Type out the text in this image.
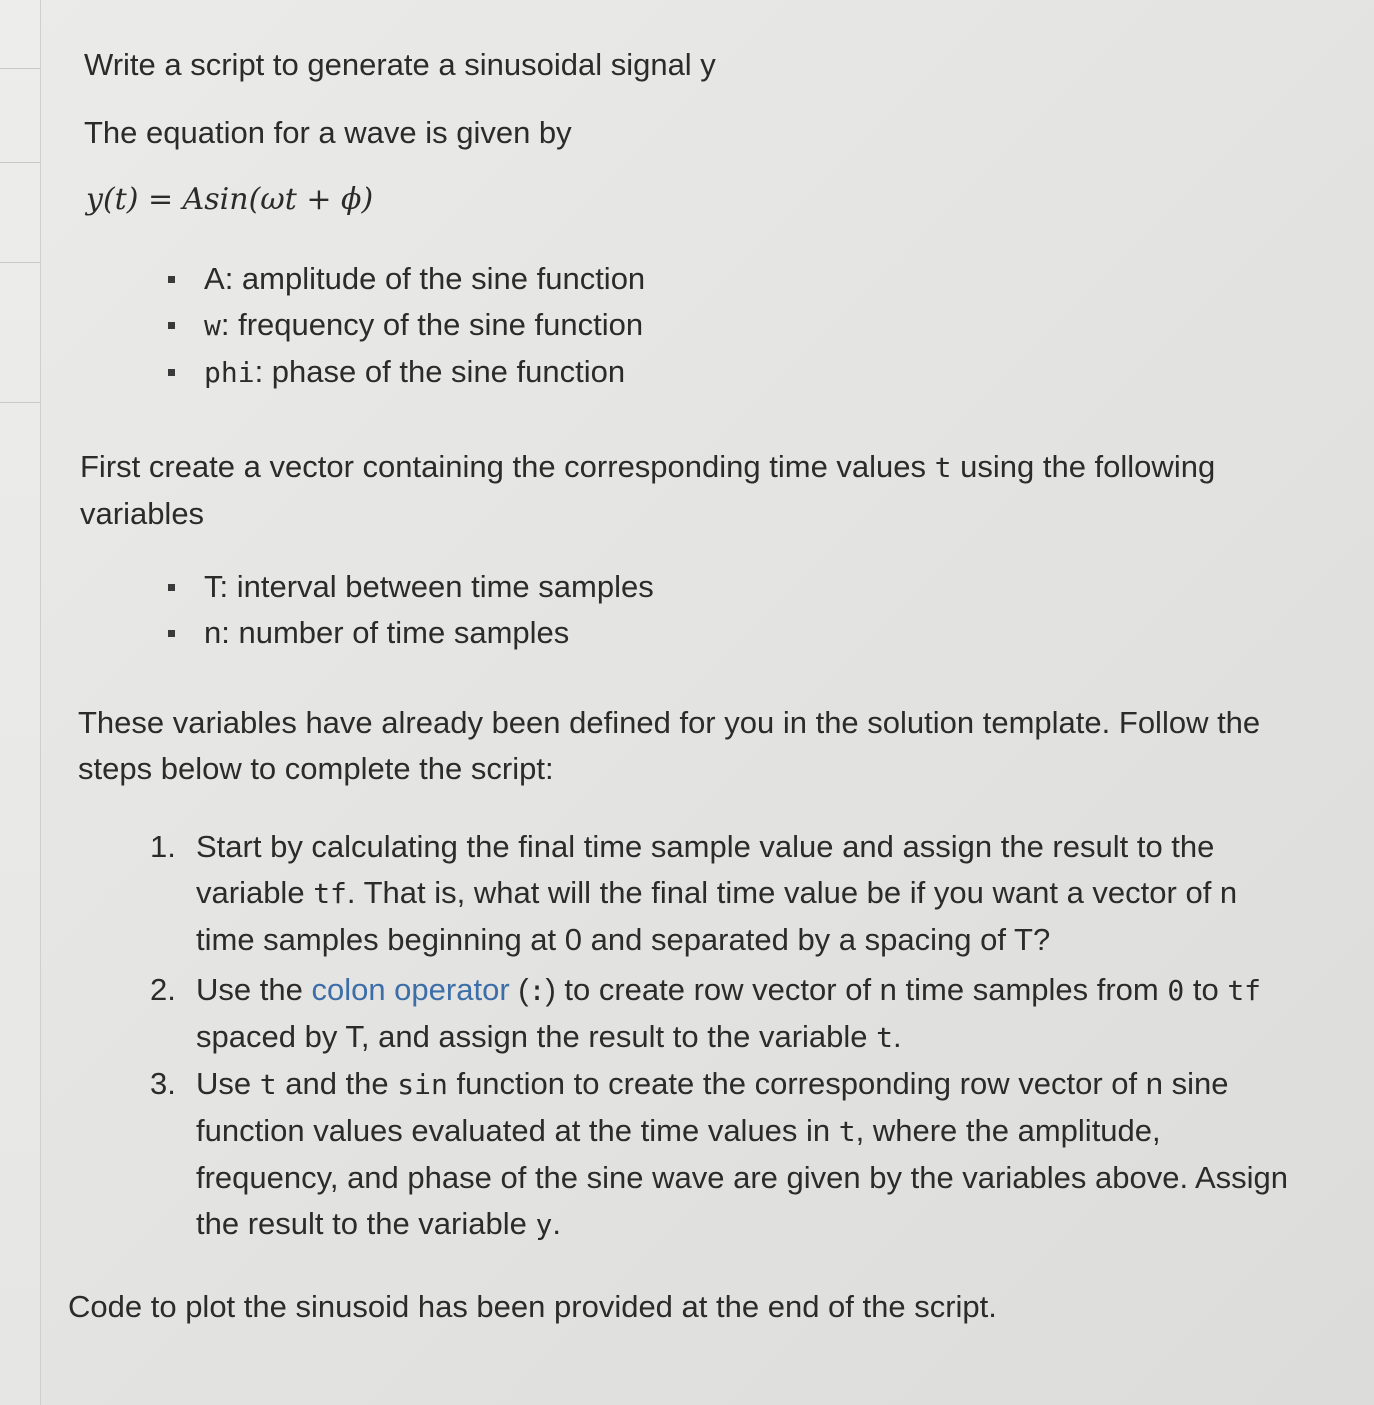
Write a script to generate a sinusoidal signal y

The equation for a wave is given by

y(t) = Asin(ωt + ϕ)

A: amplitude of the sine function
w: frequency of the sine function
phi: phase of the sine function

First create a vector containing the corresponding time values t using the following variables

T: interval between time samples
n: number of time samples

These variables have already been defined for you in the solution template. Follow the steps below to complete the script:

1. Start by calculating the final time sample value and assign the result to the variable tf. That is, what will the final time value be if you want a vector of n time samples beginning at 0 and separated by a spacing of T?
2. Use the colon operator (:) to create row vector of n time samples from 0 to tf spaced by T, and assign the result to the variable t.
3. Use t and the sin function to create the corresponding row vector of n sine function values evaluated at the time values in t, where the amplitude, frequency, and phase of the sine wave are given by the variables above. Assign the result to the variable y.

Code to plot the sinusoid has been provided at the end of the script.
